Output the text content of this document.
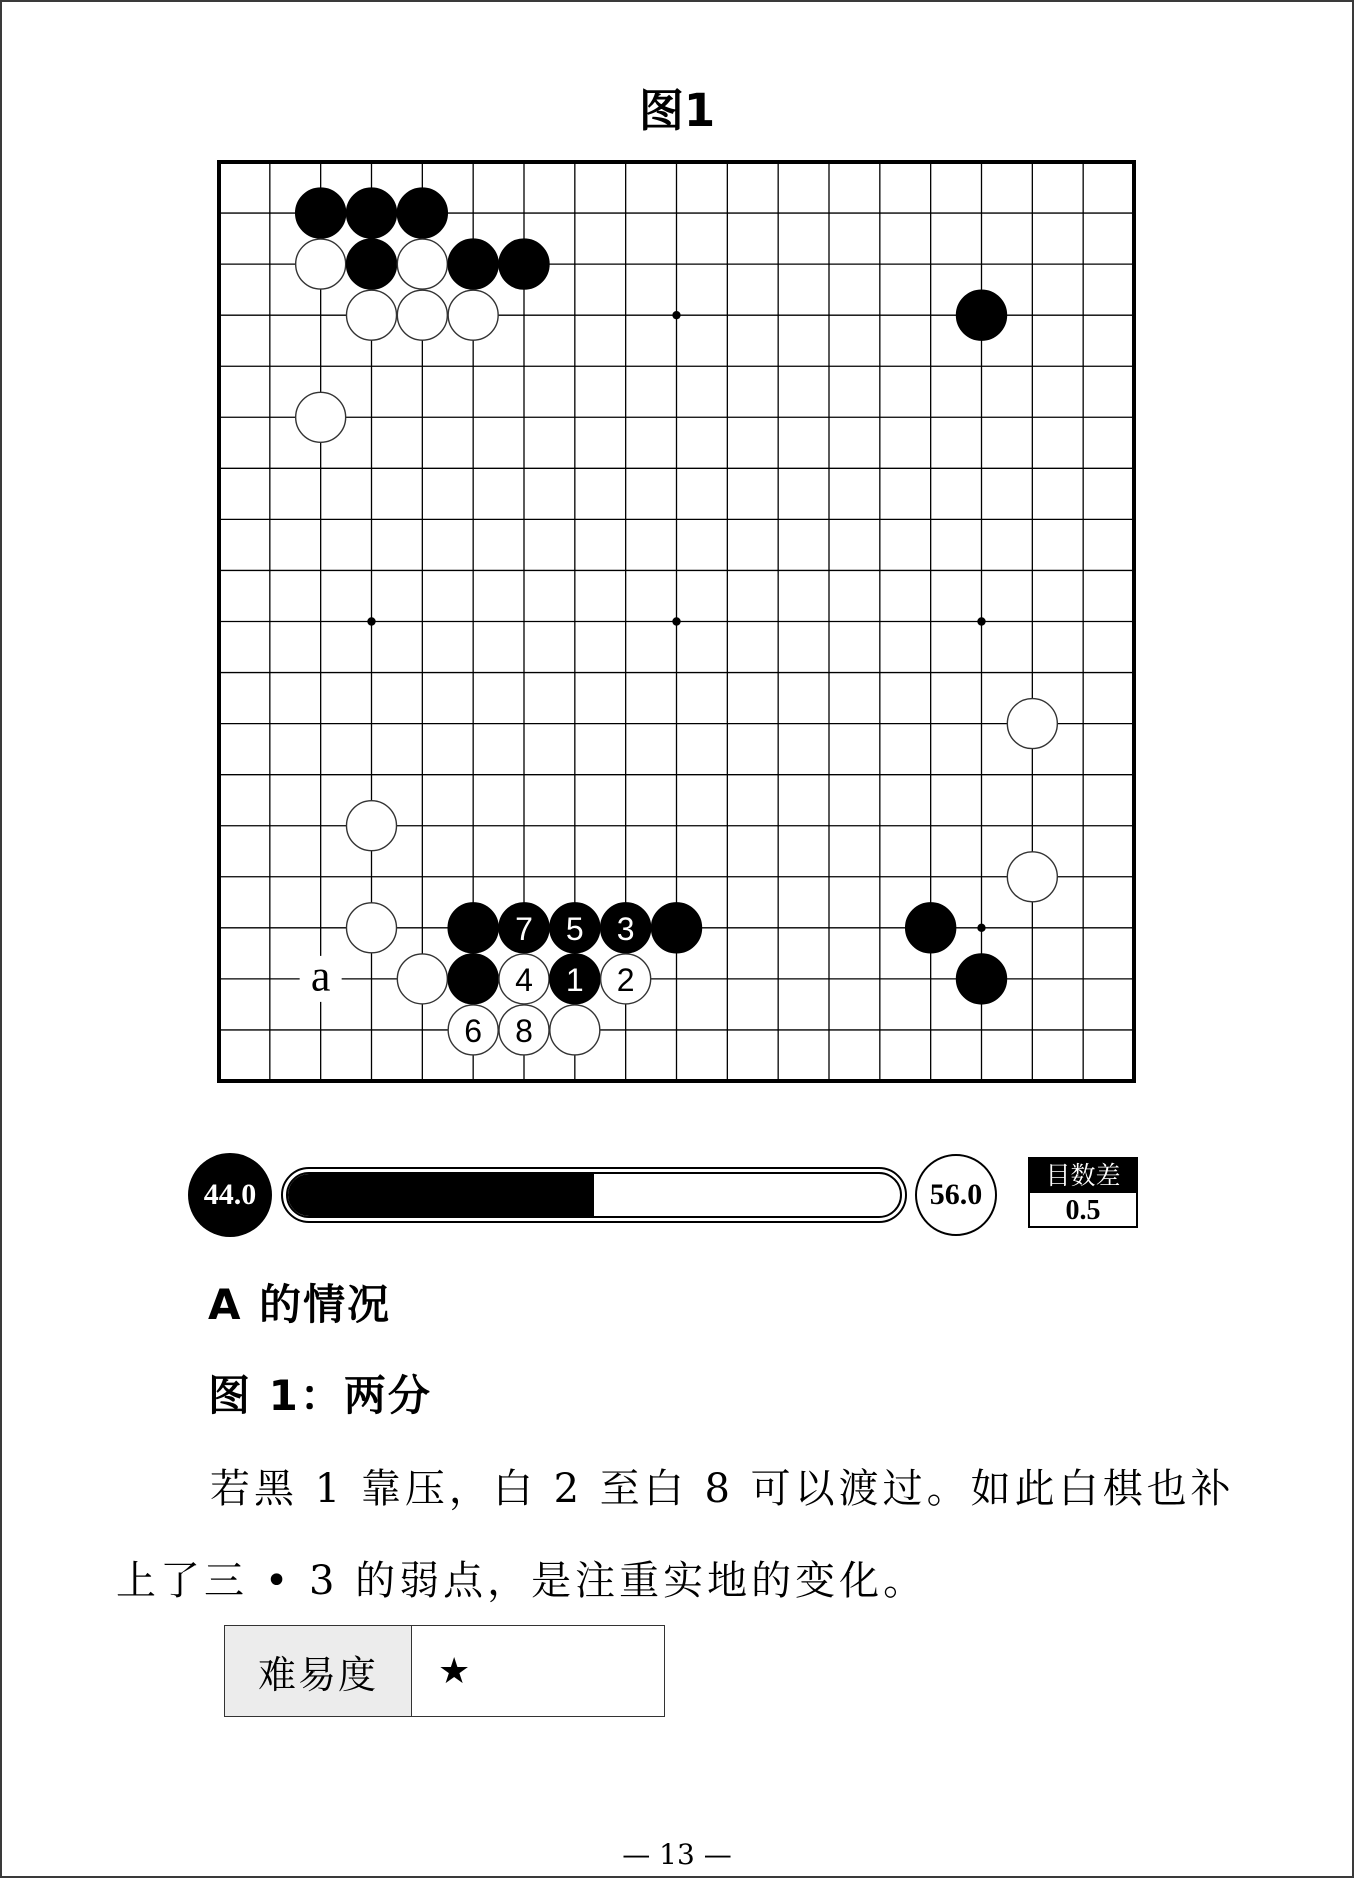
图1
a
7 5 3
4 1 2
6 8
44.0	56.0
目数差
0.5
A 的情况
图 1：两分
若黑 1 靠压，白 2 至白 8 可以渡过。如此白棋也补
上了三 • 3 的弱点，是注重实地的变化。
难易度	★
— 13 —
